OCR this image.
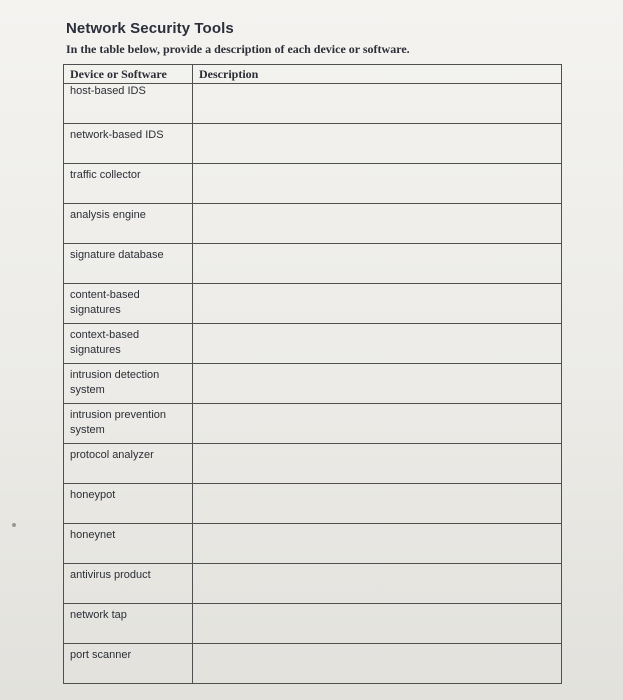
Network Security Tools
In the table below, provide a description of each device or software.
Device or Software	Description
host-based IDS	
network-based IDS	
traffic collector	
analysis engine	
signature database	
content-based signatures	
context-based signatures	
intrusion detection system	
intrusion prevention system	
protocol analyzer	
honeypot	
honeynet	
antivirus product	
network tap	
port scanner	
